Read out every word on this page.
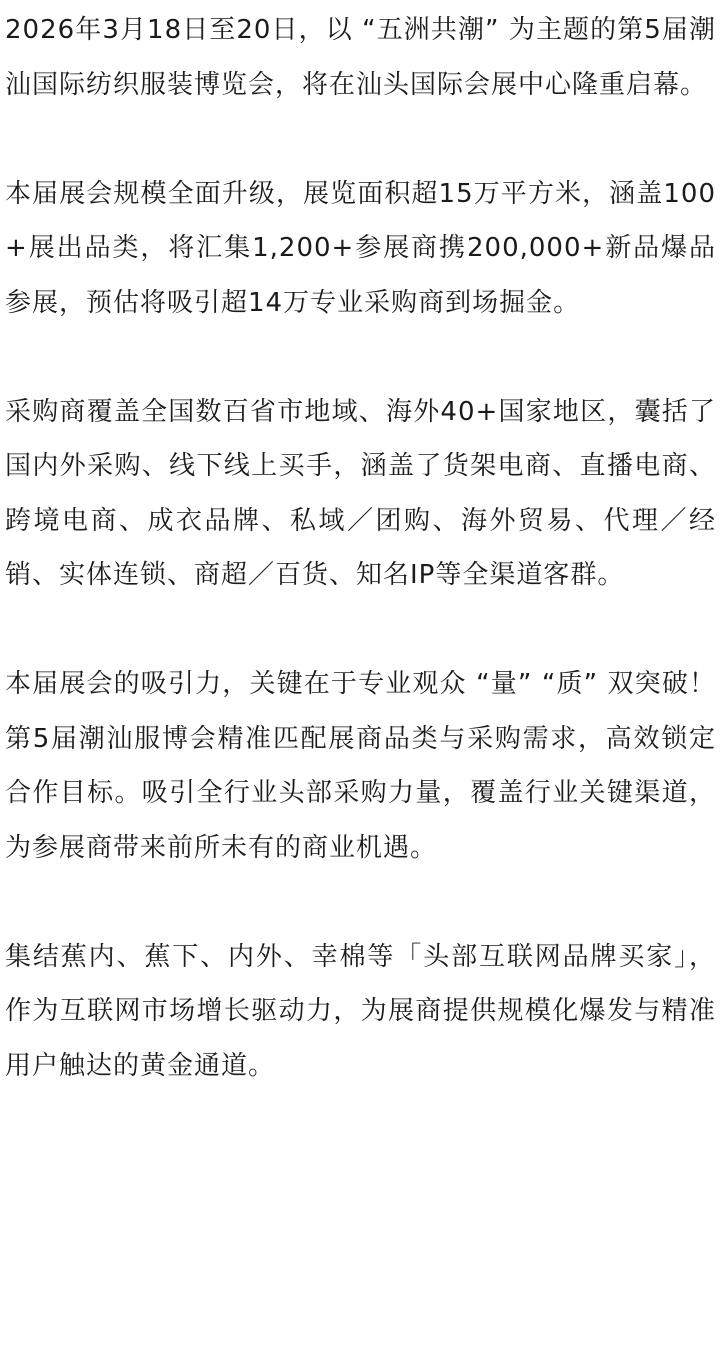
2026年3月18日至20日，以 “五洲共潮” 为主题的第5届潮汕国际纺织服装博览会，将在汕头国际会展中心隆重启幕。

本届展会规模全面升级，展览面积超15万平方米，涵盖100+展出品类，将汇集1,200+参展商携200,000+新品爆品参展，预估将吸引超14万专业采购商到场掘金。

采购商覆盖全国数百省市地域、海外40+国家地区，囊括了国内外采购、线下线上买手，涵盖了货架电商、直播电商、跨境电商、成衣品牌、私域／团购、海外贸易、代理／经销、实体连锁、商超／百货、知名IP等全渠道客群。

本届展会的吸引力，关键在于专业观众 “量” “质” 双突破！第5届潮汕服博会精准匹配展商品类与采购需求，高效锁定合作目标。吸引全行业头部采购力量，覆盖行业关键渠道，为参展商带来前所未有的商业机遇。

集结蕉内、蕉下、内外、幸棉等「头部互联网品牌买家」，作为互联网市场增长驱动力，为展商提供规模化爆发与精准用户触达的黄金通道。
